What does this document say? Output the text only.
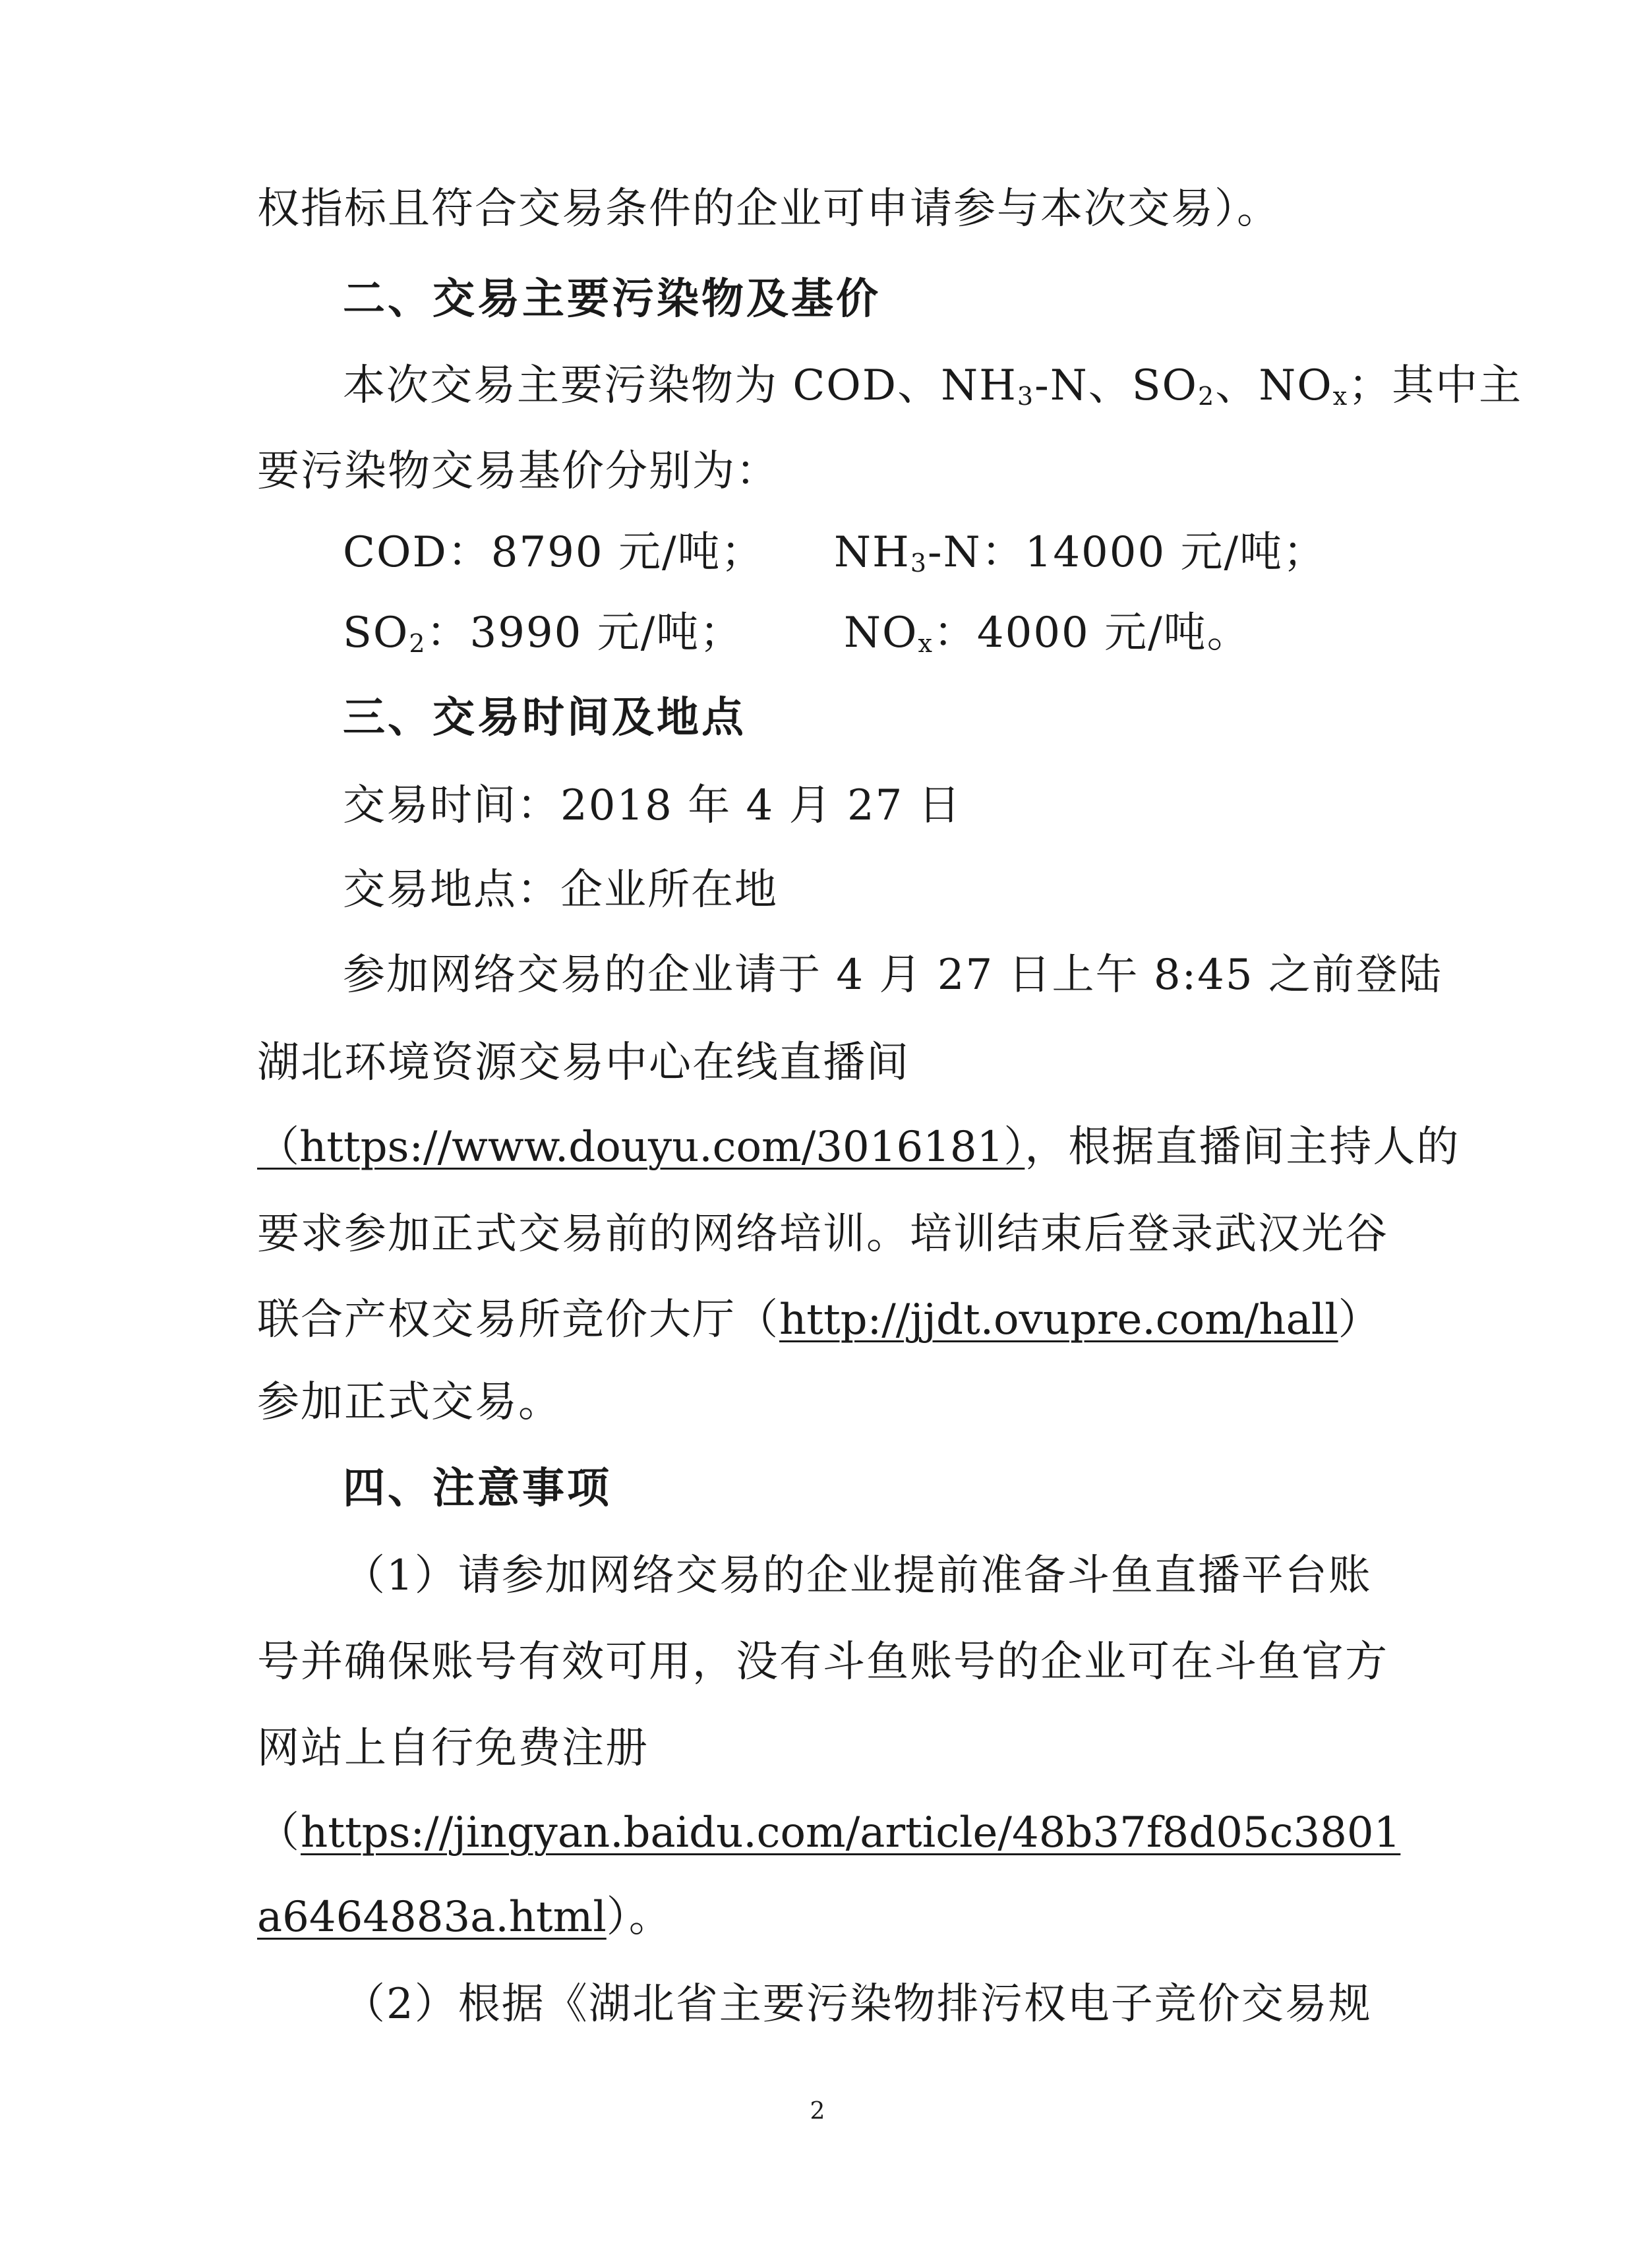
权指标且符合交易条件的企业可申请参与本次交易）。
二、交易主要污染物及基价
本次交易主要污染物为 COD、$NH_3-N$、$SO_2$、$NO_x$；其中主
要污染物交易基价分别为：
COD：8790 元/吨； $NH_3-N$：14000 元/吨；
$SO_2$：3990 元/吨； $NO_x$：4000 元/吨。
三、交易时间及地点
交易时间：2018 年 4 月 27 日
交易地点：企业所在地
参加网络交易的企业请于 4 月 27 日上午 8:45 之前登陆
湖北环境资源交易中心在线直播间
（https://www.douyu.com/3016181），根据直播间主持人的
要求参加正式交易前的网络培训。培训结束后登录武汉光谷
联合产权交易所竞价大厅（http://jjdt.ovupre.com/hall）
参加正式交易。
四、注意事项
（1）请参加网络交易的企业提前准备斗鱼直播平台账
号并确保账号有效可用，没有斗鱼账号的企业可在斗鱼官方
网站上自行免费注册
（https://jingyan.baidu.com/article/48b37f8d05c3801
a6464883a.html）。
（2）根据《湖北省主要污染物排污权电子竞价交易规
2
